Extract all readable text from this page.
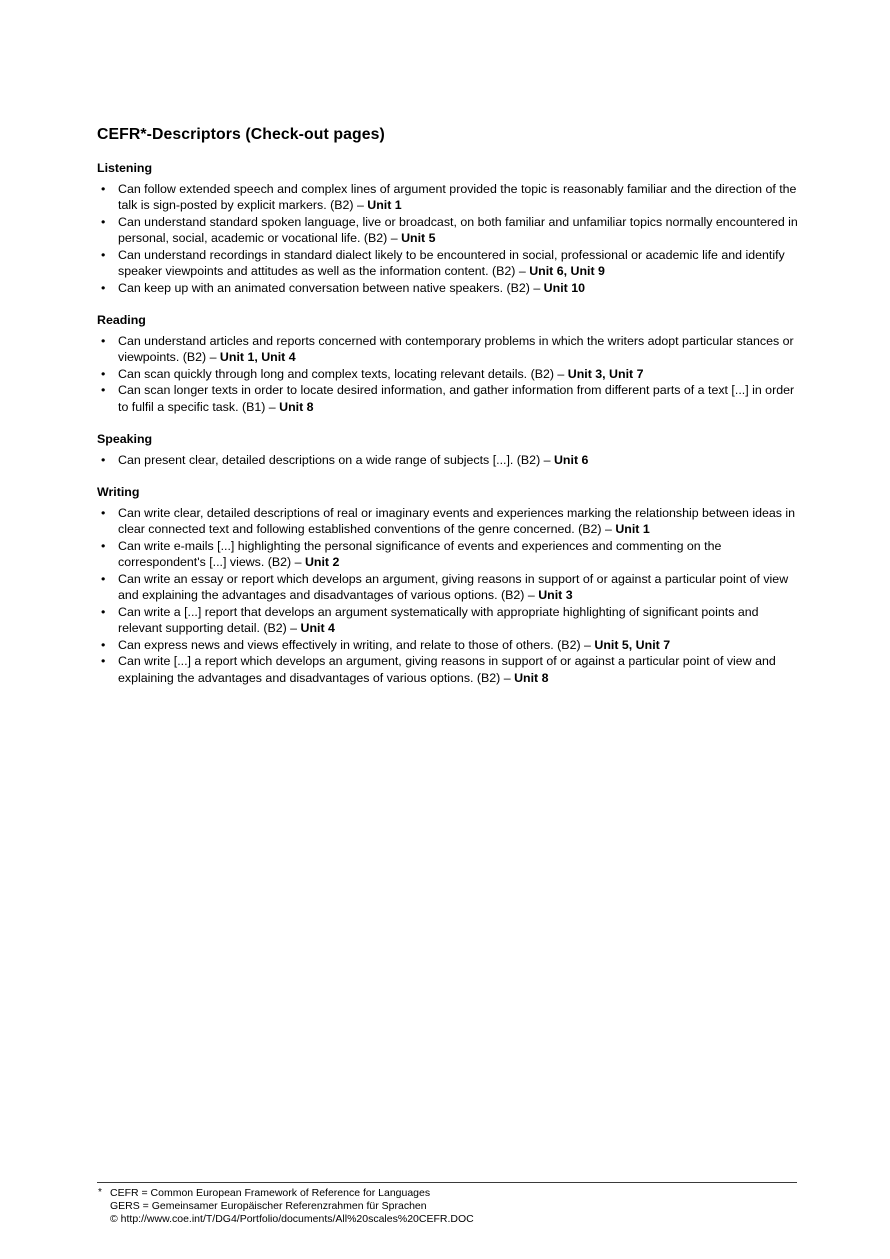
CEFR*-Descriptors (Check-out pages)
Listening
• Can follow extended speech and complex lines of argument provided the topic is reasonably familiar and the direction of the talk is sign-posted by explicit markers. (B2) – Unit 1
• Can understand standard spoken language, live or broadcast, on both familiar and unfamiliar topics normally encountered in personal, social, academic or vocational life. (B2) – Unit 5
• Can understand recordings in standard dialect likely to be encountered in social, professional or academic life and identify speaker viewpoints and attitudes as well as the information content. (B2) – Unit 6, Unit 9
• Can keep up with an animated conversation between native speakers. (B2) – Unit 10
Reading
• Can understand articles and reports concerned with contemporary problems in which the writers adopt particular stances or viewpoints. (B2) – Unit 1, Unit 4
• Can scan quickly through long and complex texts, locating relevant details. (B2) – Unit 3, Unit 7
• Can scan longer texts in order to locate desired information, and gather information from different parts of a text [...] in order to fulfil a specific task. (B1) – Unit 8
Speaking
• Can present clear, detailed descriptions on a wide range of subjects [...]. (B2) – Unit 6
Writing
• Can write clear, detailed descriptions of real or imaginary events and experiences marking the relationship between ideas in clear connected text and following established conventions of the genre concerned. (B2) – Unit 1
• Can write e-mails [...] highlighting the personal significance of events and experiences and commenting on the correspondent's [...] views. (B2) – Unit 2
• Can write an essay or report which develops an argument, giving reasons in support of or against a particular point of view and explaining the advantages and disadvantages of various options. (B2) – Unit 3
• Can write a [...] report that develops an argument systematically with appropriate highlighting of significant points and relevant supporting detail. (B2) – Unit 4
• Can express news and views effectively in writing, and relate to those of others. (B2) – Unit 5, Unit 7
• Can write [...] a report which develops an argument, giving reasons in support of or against a particular point of view and explaining the advantages and disadvantages of various options. (B2) – Unit 8
* CEFR = Common European Framework of Reference for Languages
GERS = Gemeinsamer Europäischer Referenzrahmen für Sprachen
© http://www.coe.int/T/DG4/Portfolio/documents/All%20scales%20CEFR.DOC
